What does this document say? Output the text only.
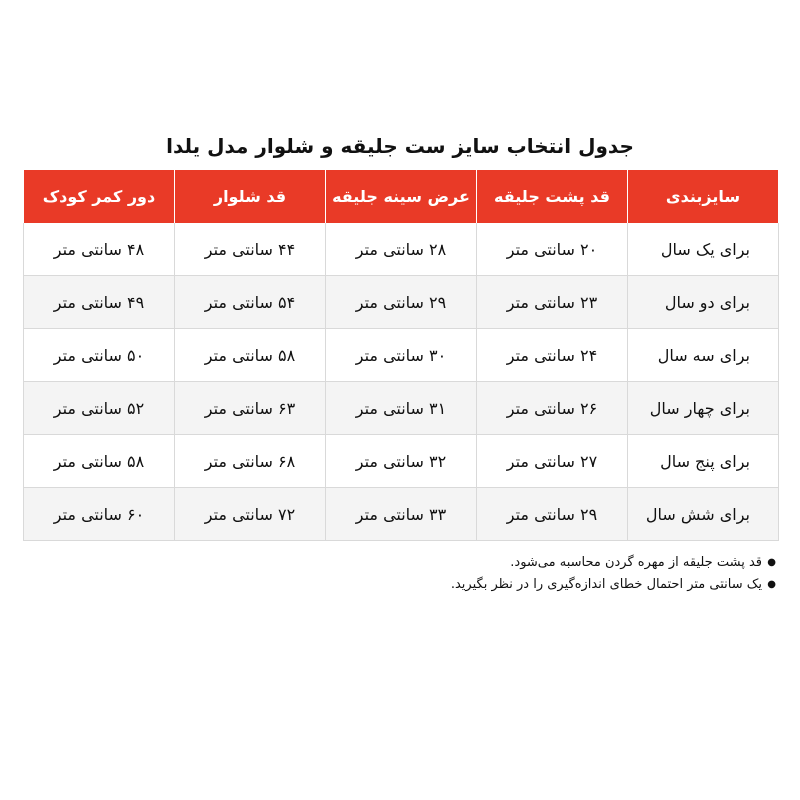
جدول انتخاب سایز ست جلیقه و شلوار مدل یلدا
سایزبندی	قد پشت جلیقه	عرض سینه جلیقه	قد شلوار	دور کمر کودک
برای یک سال	۲۰ سانتی متر	۲۸ سانتی متر	۴۴ سانتی متر	۴۸ سانتی متر
برای دو سال	۲۳ سانتی متر	۲۹ سانتی متر	۵۴ سانتی متر	۴۹ سانتی متر
برای سه سال	۲۴ سانتی متر	۳۰ سانتی متر	۵۸ سانتی متر	۵۰ سانتی متر
برای چهار سال	۲۶ سانتی متر	۳۱ سانتی متر	۶۳ سانتی متر	۵۲ سانتی متر
برای پنج سال	۲۷ سانتی متر	۳۲ سانتی متر	۶۸ سانتی متر	۵۸ سانتی متر
برای شش سال	۲۹ سانتی متر	۳۳ سانتی متر	۷۲ سانتی متر	۶۰ سانتی متر
● قد پشت جلیقه از مهره گردن محاسبه می‌شود.
● یک سانتی متر احتمال خطای اندازه‌گیری را در نظر بگیرید.
